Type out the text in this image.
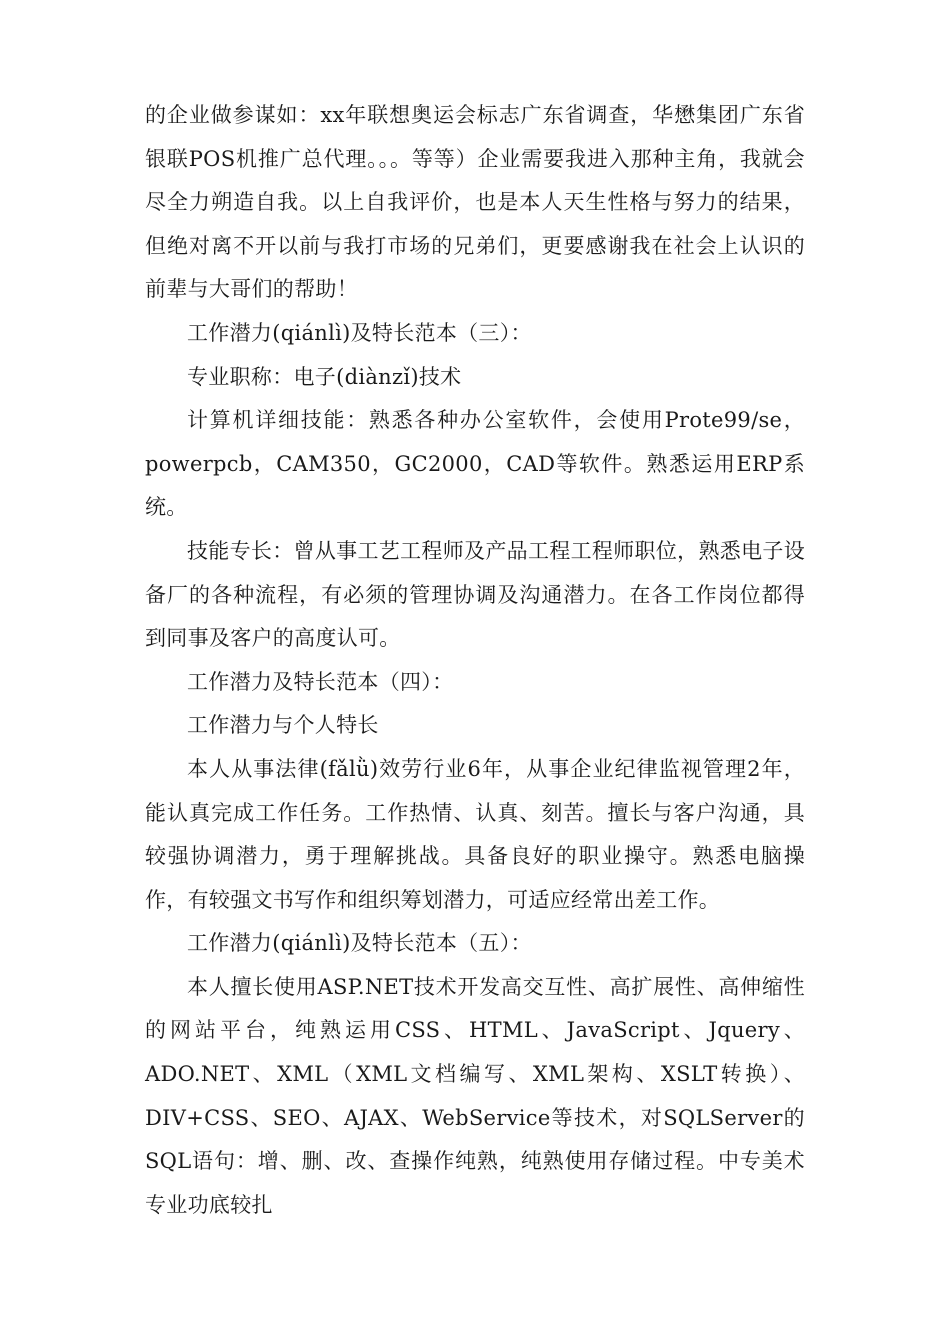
的企业做参谋如：xx年联想奥运会标志广东省调查，华懋集团广东省银联POS机推广总代理。。。等等）企业需要我进入那种主角，我就会尽全力朔造自我。以上自我评价，也是本人天生性格与努力的结果，但绝对离不开以前与我打市场的兄弟们，更要感谢我在社会上认识的前辈与大哥们的帮助！

工作潜力(qiánlì)及特长范本（三）：

专业职称：电子(diànzǐ)技术

计算机详细技能：熟悉各种办公室软件，会使用Prote99/se，powerpcb，CAM350，GC2000，CAD等软件。熟悉运用ERP系统。

技能专长：曾从事工艺工程师及产品工程工程师职位，熟悉电子设备厂的各种流程，有必须的管理协调及沟通潜力。在各工作岗位都得到同事及客户的高度认可。

工作潜力及特长范本（四）：

工作潜力与个人特长

本人从事法律(fǎlǜ)效劳行业6年，从事企业纪律监视管理2年，能认真完成工作任务。工作热情、认真、刻苦。擅长与客户沟通，具较强协调潜力，勇于理解挑战。具备良好的职业操守。熟悉电脑操作，有较强文书写作和组织筹划潜力，可适应经常出差工作。

工作潜力(qiánlì)及特长范本（五）：

本人擅长使用ASP.NET技术开发高交互性、高扩展性、高伸缩性的网站平台，纯熟运用CSS、HTML、JavaScript、Jquery、ADO.NET、XML（XML文档编写、XML架构、XSLT转换）、DIV+CSS、SEO、AJAX、WebService等技术，对SQLServer的SQL语句：增、删、改、查操作纯熟，纯熟使用存储过程。中专美术专业功底较扎
